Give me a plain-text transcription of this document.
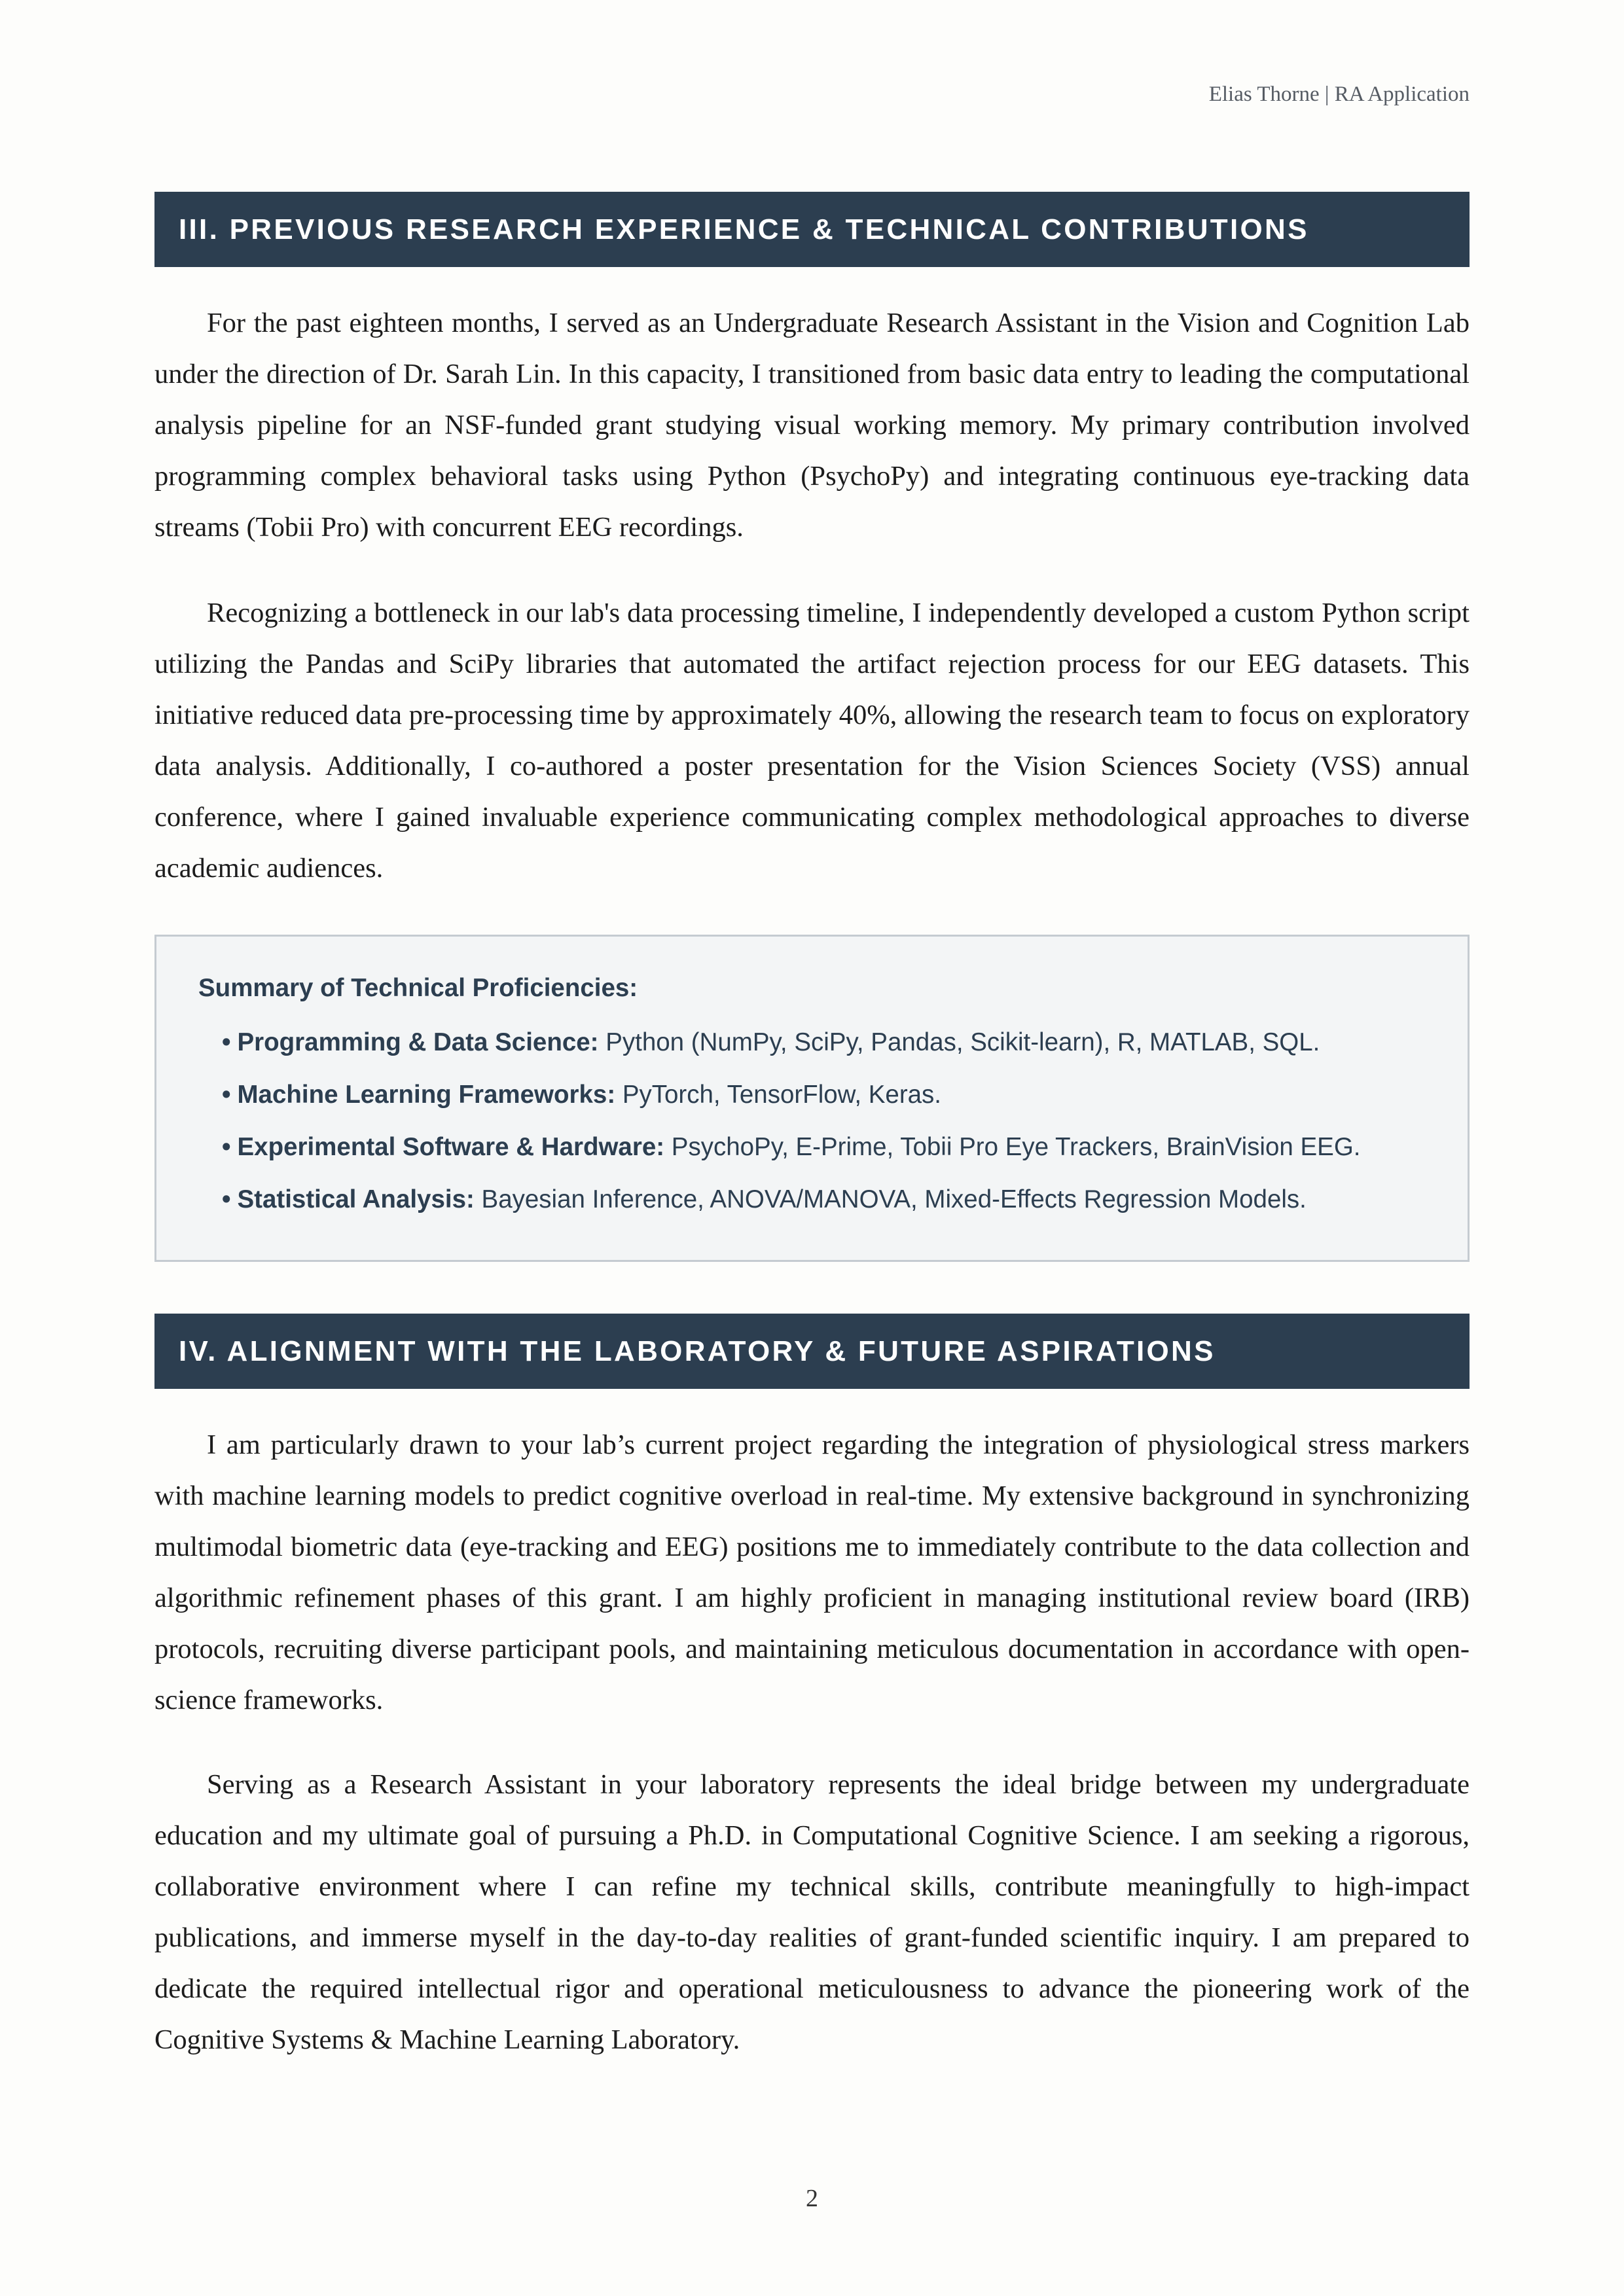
Elias Thorne | RA Application
III. PREVIOUS RESEARCH EXPERIENCE & TECHNICAL CONTRIBUTIONS

For the past eighteen months, I served as an Undergraduate Research Assistant in the Vision and Cognition Lab under the direction of Dr. Sarah Lin. In this capacity, I transitioned from basic data entry to leading the computational analysis pipeline for an NSF-funded grant studying visual working memory. My primary contribution involved programming complex behavioral tasks using Python (PsychoPy) and integrating continuous eye-tracking data streams (Tobii Pro) with concurrent EEG recordings.

Recognizing a bottleneck in our lab's data processing timeline, I independently developed a custom Python script utilizing the Pandas and SciPy libraries that automated the artifact rejection process for our EEG datasets. This initiative reduced data pre-processing time by approximately 40%, allowing the research team to focus on exploratory data analysis. Additionally, I co-authored a poster presentation for the Vision Sciences Society (VSS) annual conference, where I gained invaluable experience communicating complex methodological approaches to diverse academic audiences.

Summary of Technical Proficiencies:
• Programming & Data Science: Python (NumPy, SciPy, Pandas, Scikit-learn), R, MATLAB, SQL.
• Machine Learning Frameworks: PyTorch, TensorFlow, Keras.
• Experimental Software & Hardware: PsychoPy, E-Prime, Tobii Pro Eye Trackers, BrainVision EEG.
• Statistical Analysis: Bayesian Inference, ANOVA/MANOVA, Mixed-Effects Regression Models.
IV. ALIGNMENT WITH THE LABORATORY & FUTURE ASPIRATIONS

I am particularly drawn to your lab’s current project regarding the integration of physiological stress markers with machine learning models to predict cognitive overload in real-time. My extensive background in synchronizing multimodal biometric data (eye-tracking and EEG) positions me to immediately contribute to the data collection and algorithmic refinement phases of this grant. I am highly proficient in managing institutional review board (IRB) protocols, recruiting diverse participant pools, and maintaining meticulous documentation in accordance with open-science frameworks.

Serving as a Research Assistant in your laboratory represents the ideal bridge between my undergraduate education and my ultimate goal of pursuing a Ph.D. in Computational Cognitive Science. I am seeking a rigorous, collaborative environment where I can refine my technical skills, contribute meaningfully to high-impact publications, and immerse myself in the day-to-day realities of grant-funded scientific inquiry. I am prepared to dedicate the required intellectual rigor and operational meticulousness to advance the pioneering work of the Cognitive Systems & Machine Learning Laboratory.

2
